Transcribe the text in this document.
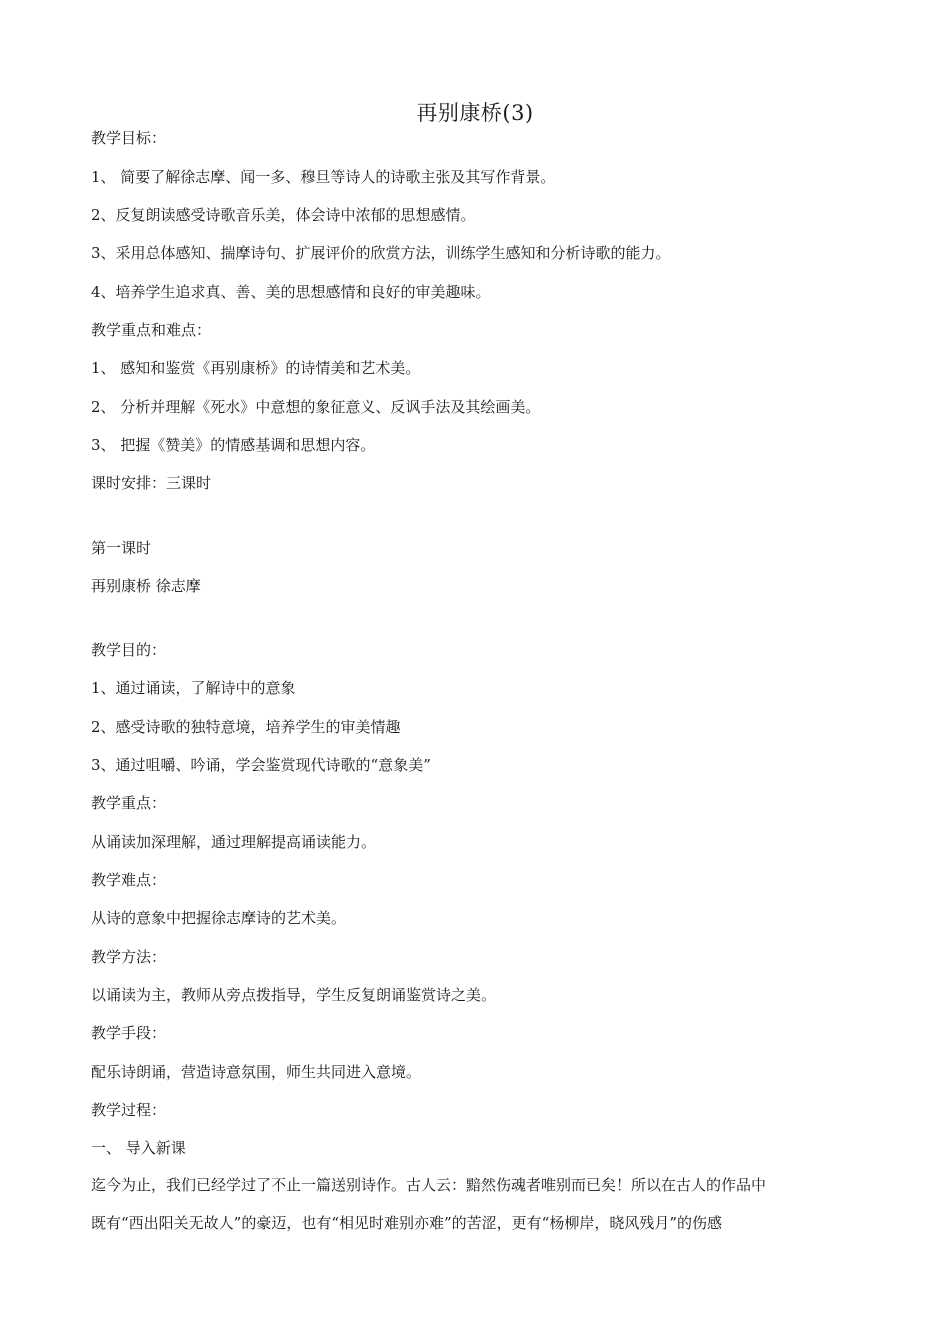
再别康桥(3)
教学目标：
1、 简要了解徐志摩、闻一多、穆旦等诗人的诗歌主张及其写作背景。
2、反复朗读感受诗歌音乐美，体会诗中浓郁的思想感情。
3、采用总体感知、揣摩诗句、扩展评价的欣赏方法，训练学生感知和分析诗歌的能力。
4、培养学生追求真、善、美的思想感情和良好的审美趣味。
教学重点和难点：
1、 感知和鉴赏《再别康桥》的诗情美和艺术美。
2、 分析并理解《死水》中意想的象征意义、反讽手法及其绘画美。
3、 把握《赞美》的情感基调和思想内容。
课时安排：三课时
第一课时
再别康桥 徐志摩
教学目的：
1、通过诵读，了解诗中的意象
2、感受诗歌的独特意境，培养学生的审美情趣
3、通过咀嚼、吟诵，学会鉴赏现代诗歌的“意象美”
教学重点：
从诵读加深理解，通过理解提高诵读能力。
教学难点：
从诗的意象中把握徐志摩诗的艺术美。
教学方法：
以诵读为主，教师从旁点拨指导，学生反复朗诵鉴赏诗之美。
教学手段：
配乐诗朗诵，营造诗意氛围，师生共同进入意境。
教学过程：
一、 导入新课
迄今为止，我们已经学过了不止一篇送别诗作。古人云：黯然伤魂者唯别而已矣！所以在古人的作品中
既有“西出阳关无故人”的豪迈，也有“相见时难别亦难”的苦涩，更有“杨柳岸，晓风残月”的伤感
